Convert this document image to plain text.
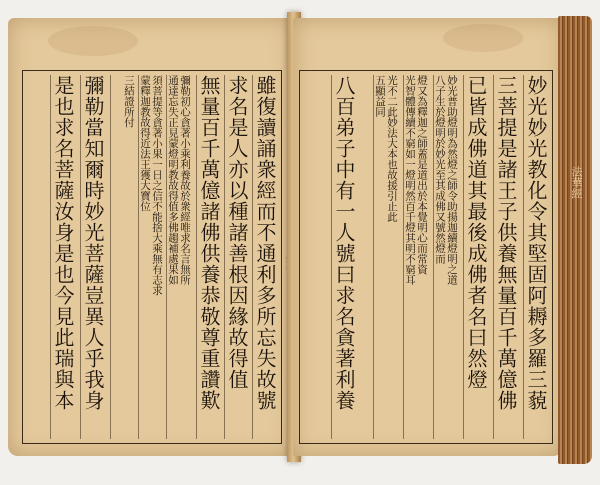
雖復讀誦衆經而不通利多所忘失故號
求名是人亦以種諸善根因緣故得值
無量百千萬億諸佛供養恭敬尊重讚歎
彌勒初心貪著小乘利養故於衆經唯求名言無所
通達忘失正見蒙燈明教故得值多佛趨補處果如
須菩提等貪著小果一日之信不能捨大乘無有志求
蒙釋迦教故得近法王獲大寶位
三結證所付
彌勒當知爾時妙光菩薩豈異人乎我身
是也求名菩薩汝身是也今見此瑞與本	妙光妙光教化令其堅固阿耨多羅三藐
三菩提是諸王子供養無量百千萬億佛
已皆成佛道其最後成佛者名曰然燈
妙光普助燈明為然燈之師令助揚迦續燈明之道
八子生於燈明於妙光至其成佛又號然燈而
燈又為釋迦之師蓋是道出於本覺明心而常資
光智體傳續不窮如一燈明然百千燈其明不窮耳
光不二此妙法大本也故援引止此
五顯益同
八百弟子中有一人號曰求名貪著利養	法華經
